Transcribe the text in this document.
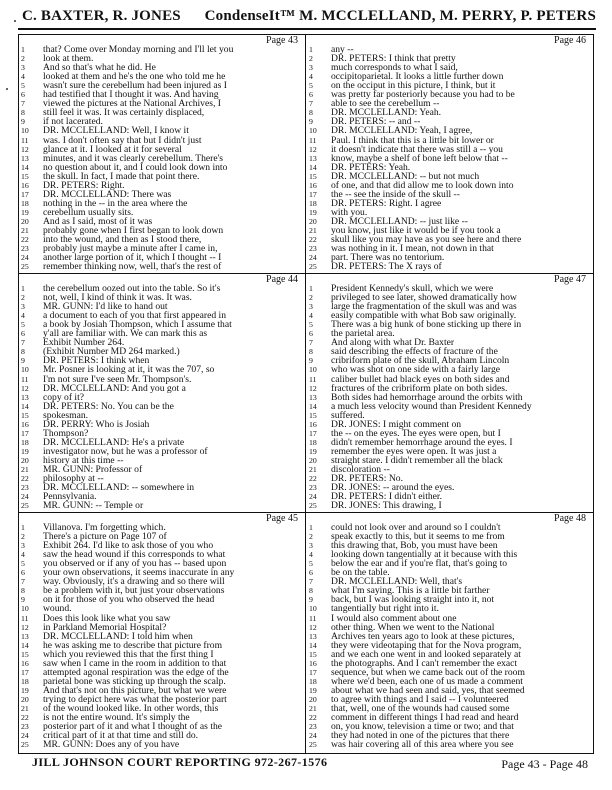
C. BAXTER, R. JONES CondenseIt™ M. MCCLELLAND, M. PERRY, P. PETERS
Page 43
1 that? Come over Monday morning and I'll let you
2 look at them.
3And so that's what he did. He
4 looked at them and he's the one who told me he
5 wasn't sure the cerebellum had been injured as I
6 had testified that I thought it was. And having
7 viewed the pictures at the National Archives, I
8 still feel it was. It was certainly displaced,
9 if not lacerated.
10DR. MCCLELLAND: Well, I know it
11 was. I don't often say that but I didn't just
12 glance at it. I looked at it for several
13 minutes, and it was clearly cerebellum. There's
14 no question about it, and I could look down into
15 the skull. In fact, I made that point there.
16DR. PETERS: Right.
17DR. MCCLELLAND: There was
18 nothing in the -- in the area where the
19 cerebellum usually sits.
20And as I said, most of it was
21 probably gone when I first began to look down
22 into the wound, and then as I stood there,
23 probably just maybe a minute after I came in,
24 another large portion of it, which I thought -- I
25 remember thinking now, well, that's the rest of
Page 46
1 any --
2DR. PETERS: I think that pretty
3 much corresponds to what I said,
4 occipitoparietal. It looks a little further down
5 on the occiput in this picture, I think, but it
6 was pretty far posteriorly because you had to be
7 able to see the cerebellum --
8DR. MCCLELLAND: Yeah.
9DR. PETERS: -- and --
10DR. MCCLELLAND: Yeah, I agree,
11 Paul. I think that this is a little bit lower or
12 it doesn't indicate that there was still a -- you
13 know, maybe a shelf of bone left below that --
14DR. PETERS: Yeah.
15DR. MCCLELLAND: -- but not much
16 of one, and that did allow me to look down into
17 the -- see the inside of the skull --
18DR. PETERS: Right. I agree
19 with you.
20DR. MCCLELLAND: -- just like --
21 you know, just like it would be if you took a
22 skull like you may have as you see here and there
23 was nothing in it. I mean, not down in that
24 part. There was no tentorium.
25DR. PETERS: The X rays of
Page 44
1 the cerebellum oozed out into the table. So it's
2 not, well, I kind of think it was. It was.
3MR. GUNN: I'd like to hand out
4 a document to each of you that first appeared in
5 a book by Josiah Thompson, which I assume that
6 y'all are familiar with. We can mark this as
7 Exhibit Number 264.
8(Exhibit Number MD 264 marked.)
9DR. PETERS: I think when
10 Mr. Posner is looking at it, it was the 707, so
11 I'm not sure I've seen Mr. Thompson's.
12DR. MCCLELLAND: And you got a
13 copy of it?
14DR. PETERS: No. You can be the
15 spokesman.
16DR. PERRY: Who is Josiah
17 Thompson?
18DR. MCCLELLAND: He's a private
19 investigator now, but he was a professor of
20 history at this time --
21MR. GUNN: Professor of
22 philosophy at --
23DR. MCCLELLAND: -- somewhere in
24 Pennsylvania.
25MR. GUNN: -- Temple or
Page 47
1 President Kennedy's skull, which we were
2 privileged to see later, showed dramatically how
3 large the fragmentation of the skull was and was
4 easily compatible with what Bob saw originally.
5 There was a big hunk of bone sticking up there in
6 the parietal area.
7And along with what Dr. Baxter
8 said describing the effects of fracture of the
9 cribriform plate of the skull, Abraham Lincoln
10 who was shot on one side with a fairly large
11 caliber bullet had black eyes on both sides and
12 fractures of the cribriform plate on both sides.
13 Both sides had hemorrhage around the orbits with
14 a much less velocity wound than President Kennedy
15 suffered.
16DR. JONES: I might comment on
17 the -- on the eyes. The eyes were open, but I
18 didn't remember hemorrhage around the eyes. I
19 remember the eyes were open. It was just a
20 straight stare. I didn't remember all the black
21 discoloration --
22DR. PETERS: No.
23DR. JONES: -- around the eyes.
24DR. PETERS: I didn't either.
25DR. JONES: This drawing, I
Page 45
1 Villanova. I'm forgetting which.
2There's a picture on Page 107 of
3 Exhibit 264. I'd like to ask those of you who
4 saw the head wound if this corresponds to what
5 you observed or if any of you has -- based upon
6 your own observations, it seems inaccurate in any
7 way. Obviously, it's a drawing and so there will
8 be a problem with it, but just your observations
9 on it for those of you who observed the head
10 wound.
11Does this look like what you saw
12 in Parkland Memorial Hospital?
13DR. MCCLELLAND: I told him when
14 he was asking me to describe that picture from
15 which you reviewed this that the first thing I
16 saw when I came in the room in addition to that
17 attempted agonal respiration was the edge of the
18 parietal bone was sticking up through the scalp.
19 And that's not on this picture, but what we were
20 trying to depict here was what the posterior part
21 of the wound looked like. In other words, this
22 is not the entire wound. It's simply the
23 posterior part of it and what I thought of as the
24 critical part of it at that time and still do.
25MR. GUNN: Does any of you have
Page 48
1 could not look over and around so I couldn't
2 speak exactly to this, but it seems to me from
3 this drawing that, Bob, you must have been
4 looking down tangentially at it because with this
5 below the ear and if you're flat, that's going to
6 be on the table.
7DR. MCCLELLAND: Well, that's
8 what I'm saying. This is a little bit farther
9 back, but I was looking straight into it, not
10 tangentially but right into it.
11I would also comment about one
12 other thing. When we went to the National
13 Archives ten years ago to look at these pictures,
14 they were videotaping that for the Nova program,
15 and we each one went in and looked separately at
16 the photographs. And I can't remember the exact
17 sequence, but when we came back out of the room
18 where we'd been, each one of us made a comment
19 about what we had seen and said, yes, that seemed
20 to agree with things and I said -- I volunteered
21 that, well, one of the wounds had caused some
22 comment in different things I had read and heard
23 on, you know, television a time or two; and that
24 they had noted in one of the pictures that there
25 was hair covering all of this area where you see
JILL JOHNSON COURT REPORTING 972-267-1576	Page 43 - Page 48
